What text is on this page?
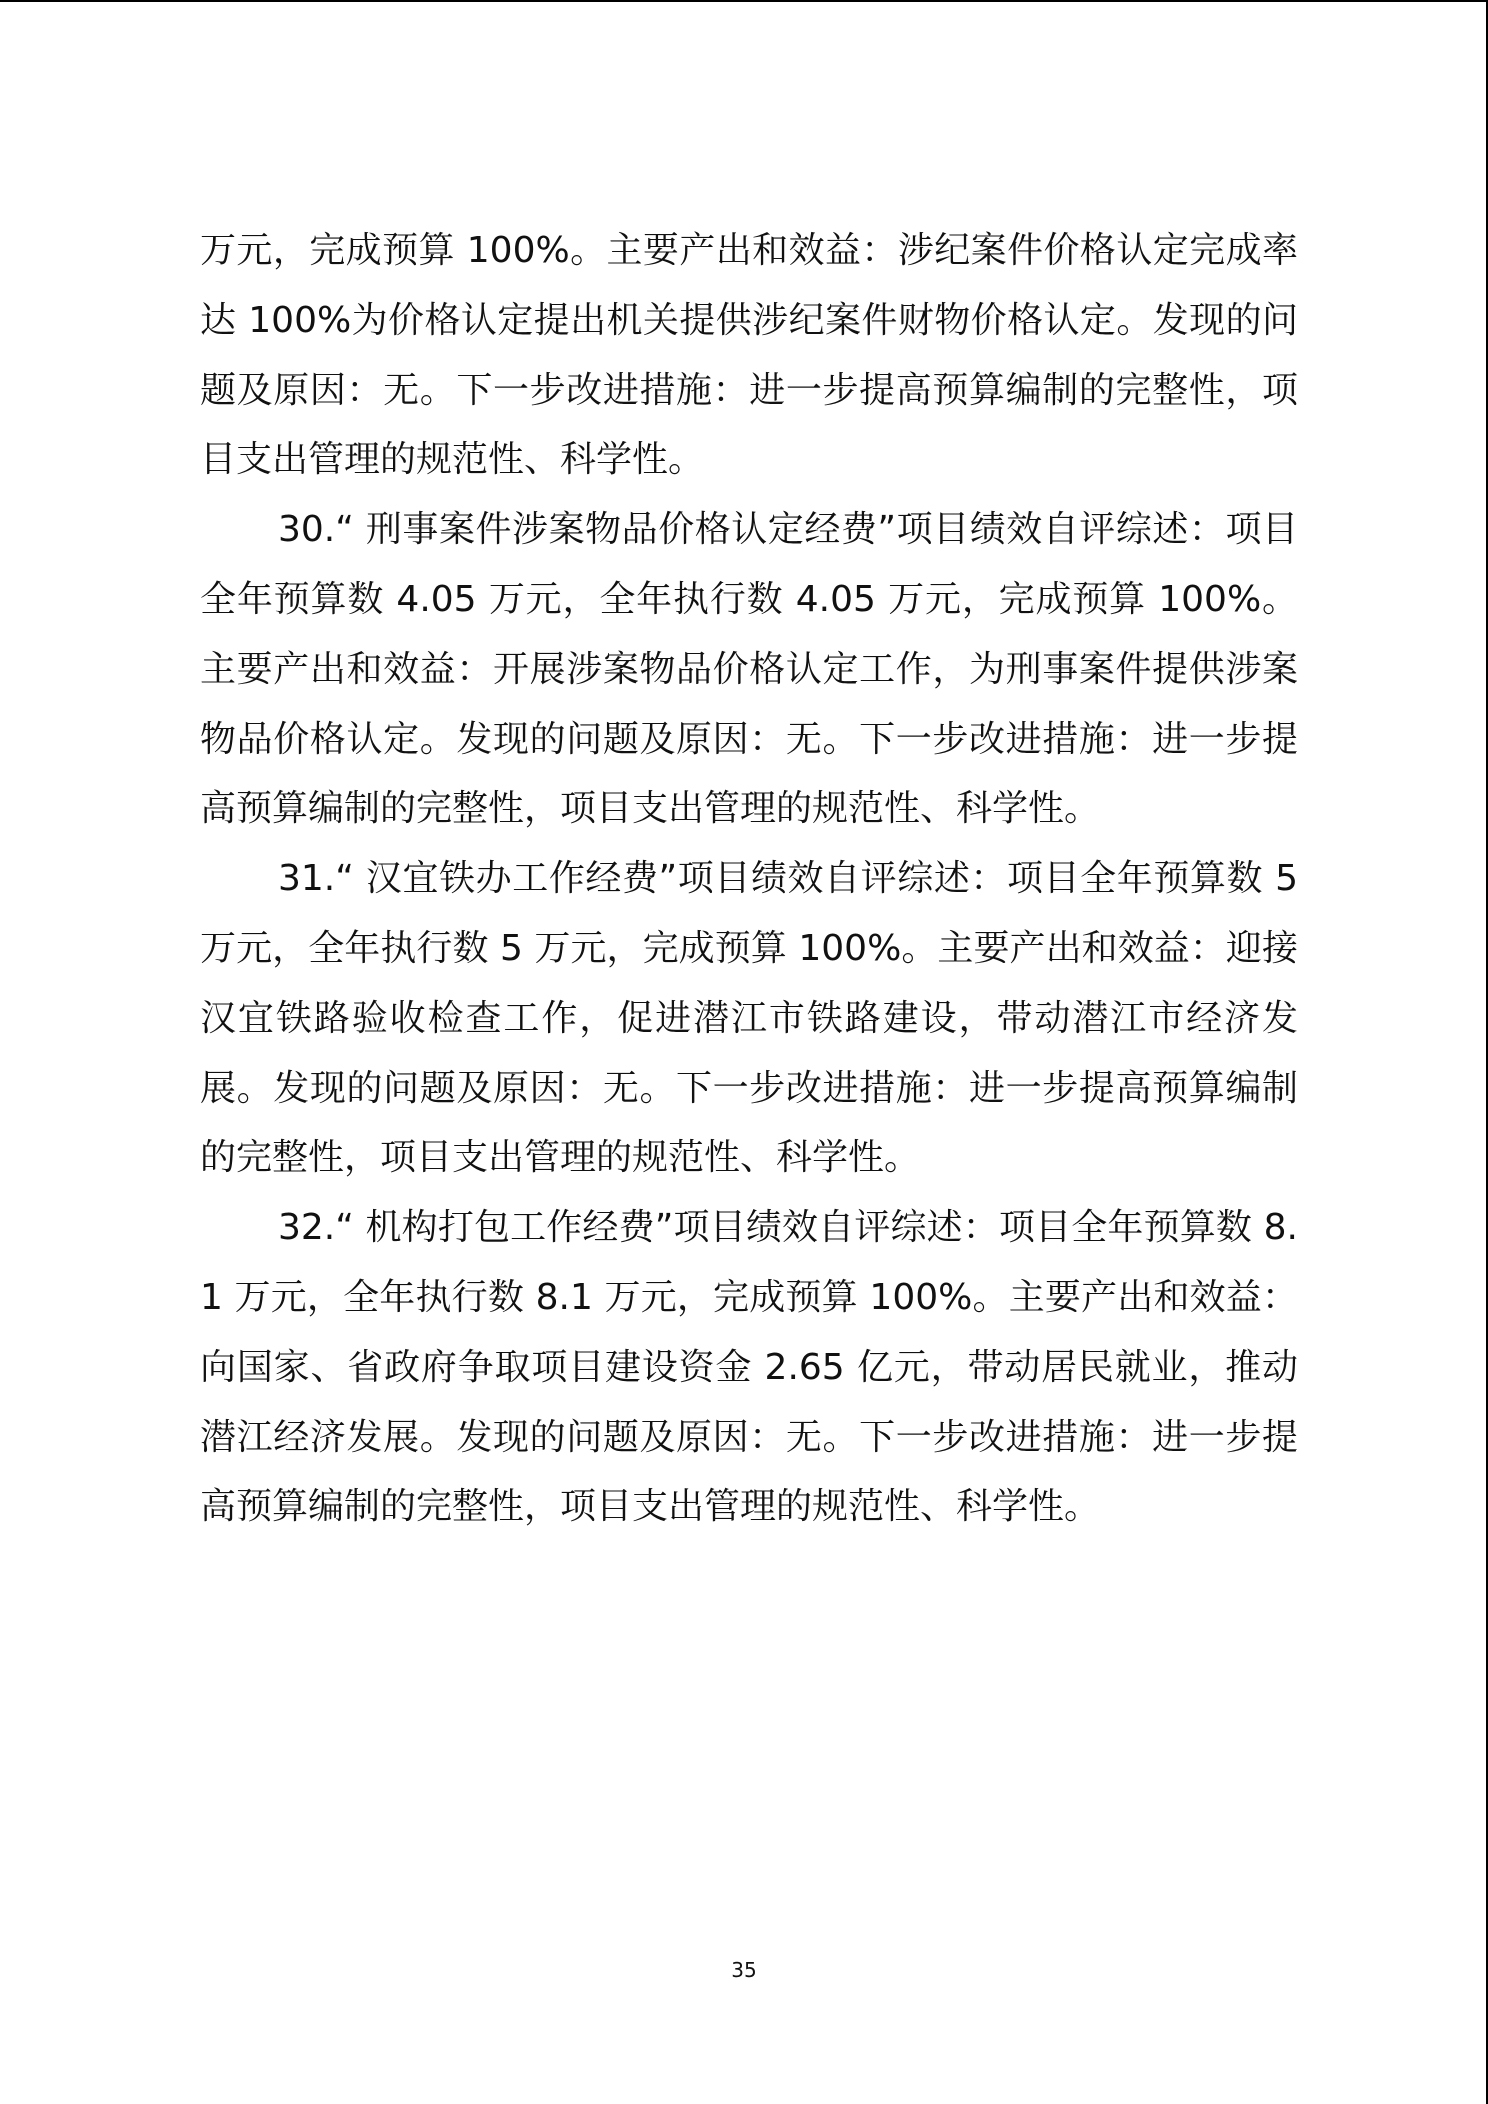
万元，完成预算 100%。主要产出和效益：涉纪案件价格认定完成率达 100%为价格认定提出机关提供涉纪案件财物价格认定。发现的问题及原因：无。下一步改进措施：进一步提高预算编制的完整性，项目支出管理的规范性、科学性。

30.“ 刑事案件涉案物品价格认定经费”项目绩效自评综述：项目全年预算数 4.05 万元，全年执行数 4.05 万元，完成预算 100%。主要产出和效益：开展涉案物品价格认定工作，为刑事案件提供涉案物品价格认定。发现的问题及原因：无。下一步改进措施：进一步提高预算编制的完整性，项目支出管理的规范性、科学性。

31.“ 汉宜铁办工作经费”项目绩效自评综述：项目全年预算数 5 万元，全年执行数 5 万元，完成预算 100%。主要产出和效益：迎接汉宜铁路验收检查工作，促进潜江市铁路建设，带动潜江市经济发展。发现的问题及原因：无。下一步改进措施：进一步提高预算编制的完整性，项目支出管理的规范性、科学性。

32.“ 机构打包工作经费”项目绩效自评综述：项目全年预算数 8.1 万元，全年执行数 8.1 万元，完成预算 100%。主要产出和效益：向国家、省政府争取项目建设资金 2.65 亿元，带动居民就业，推动潜江经济发展。发现的问题及原因：无。下一步改进措施：进一步提高预算编制的完整性，项目支出管理的规范性、科学性。

35
